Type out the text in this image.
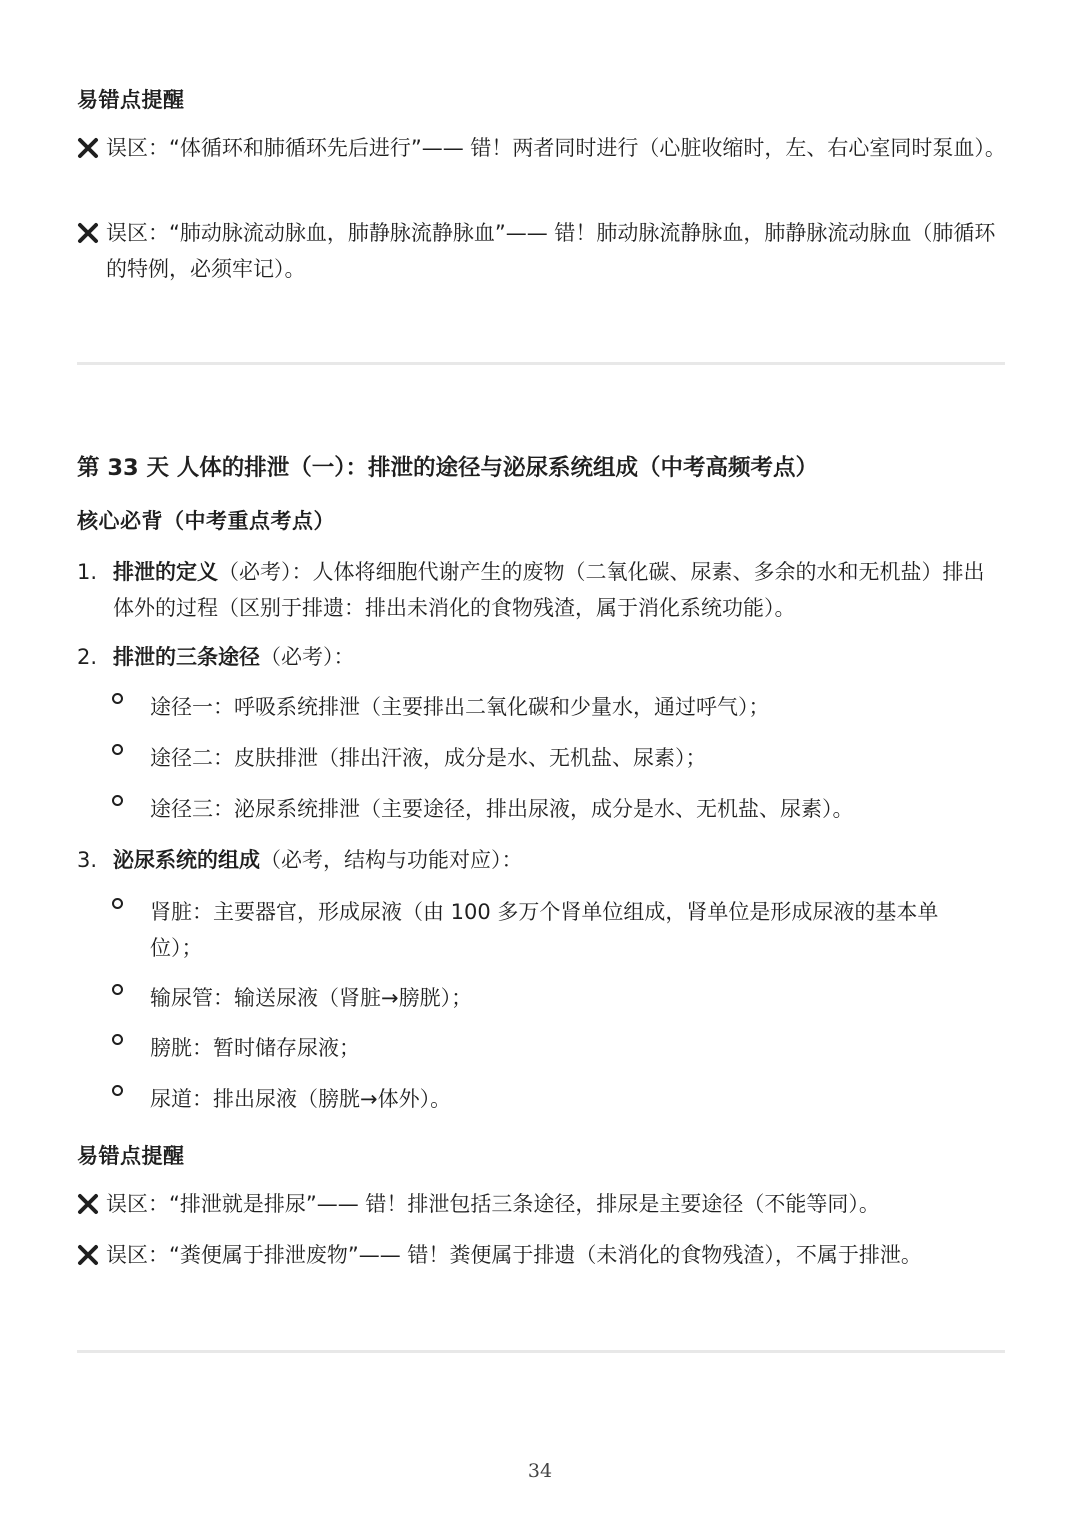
易错点提醒
误区：“体循环和肺循环先后进行”—— 错！两者同时进行（心脏收缩时，左、右心室同时泵血）。
误区：“肺动脉流动脉血，肺静脉流静脉血”—— 错！肺动脉流静脉血，肺静脉流动脉血（肺循环的特例，必须牢记）。
第 33 天 人体的排泄（一）：排泄的途径与泌尿系统组成（中考高频考点）
核心必背（中考重点考点）
1. 排泄的定义（必考）：人体将细胞代谢产生的废物（二氧化碳、尿素、多余的水和无机盐）排出体外的过程（区别于排遗：排出未消化的食物残渣，属于消化系统功能）。
2. 排泄的三条途径（必考）：
途径一：呼吸系统排泄（主要排出二氧化碳和少量水，通过呼气）；
途径二：皮肤排泄（排出汗液，成分是水、无机盐、尿素）；
途径三：泌尿系统排泄（主要途径，排出尿液，成分是水、无机盐、尿素）。
3. 泌尿系统的组成（必考，结构与功能对应）：
肾脏：主要器官，形成尿液（由 100 多万个肾单位组成，肾单位是形成尿液的基本单位）；
输尿管：输送尿液（肾脏→膀胱）；
膀胱：暂时储存尿液；
尿道：排出尿液（膀胱→体外）。
易错点提醒
误区：“排泄就是排尿”—— 错！排泄包括三条途径，排尿是主要途径（不能等同）。
误区：“粪便属于排泄废物”—— 错！粪便属于排遗（未消化的食物残渣），不属于排泄。
34
